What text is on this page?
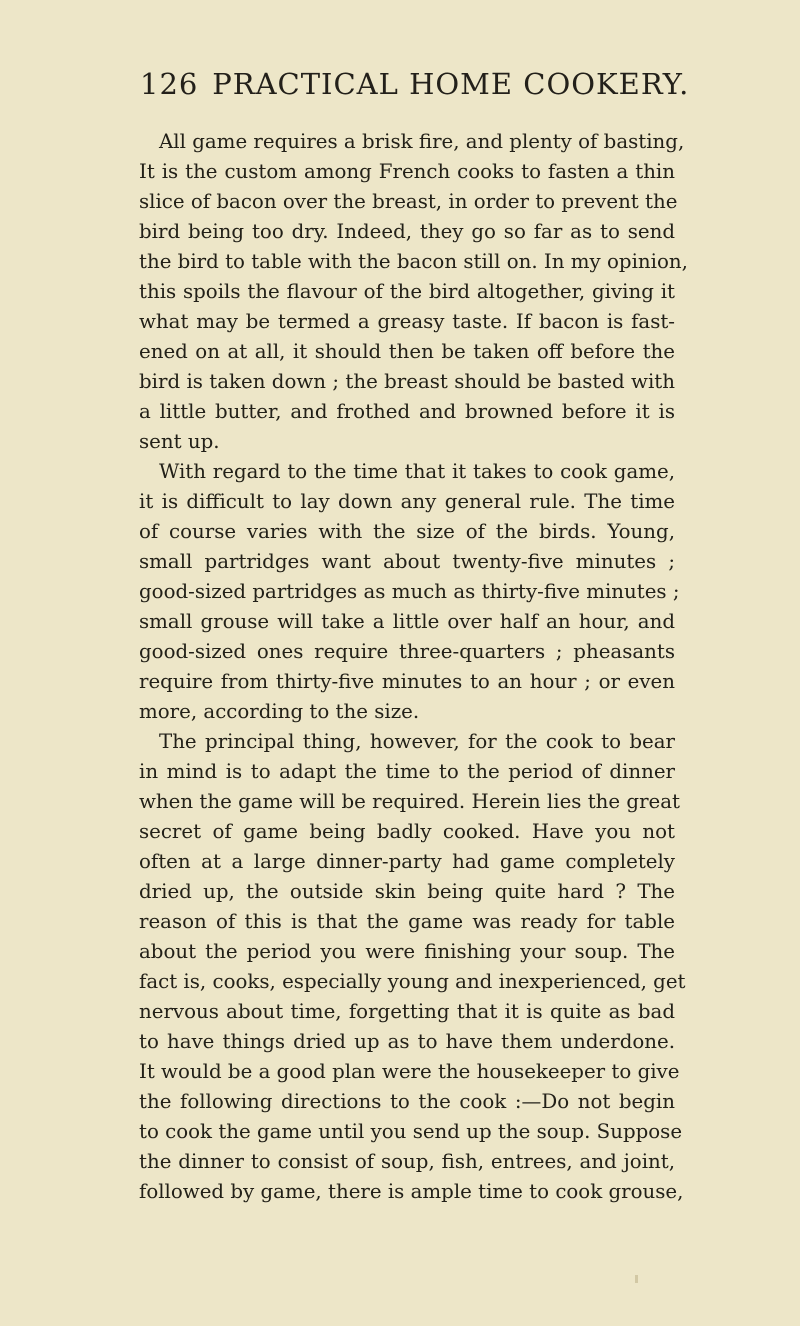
126 PRACTICAL HOME COOKERY.
All game requires a brisk fire, and plenty of basting,
It is the custom among French cooks to fasten a thin
slice of bacon over the breast, in order to prevent the
bird being too dry. Indeed, they go so far as to send
the bird to table with the bacon still on. In my opinion,
this spoils the flavour of the bird altogether, giving it
what may be termed a greasy taste. If bacon is fast-
ened on at all, it should then be taken off before the
bird is taken down ; the breast should be basted with
a little butter, and frothed and browned before it is
sent up.
With regard to the time that it takes to cook game,
it is difficult to lay down any general rule. The time
of course varies with the size of the birds. Young,
small partridges want about twenty-five minutes ;
good-sized partridges as much as thirty-five minutes ;
small grouse will take a little over half an hour, and
good-sized ones require three-quarters ; pheasants
require from thirty-five minutes to an hour ; or even
more, according to the size.
The principal thing, however, for the cook to bear
in mind is to adapt the time to the period of dinner
when the game will be required. Herein lies the great
secret of game being badly cooked. Have you not
often at a large dinner-party had game completely
dried up, the outside skin being quite hard ? The
reason of this is that the game was ready for table
about the period you were finishing your soup. The
fact is, cooks, especially young and inexperienced, get
nervous about time, forgetting that it is quite as bad
to have things dried up as to have them underdone.
It would be a good plan were the housekeeper to give
the following directions to the cook :—Do not begin
to cook the game until you send up the soup. Suppose
the dinner to consist of soup, fish, entrees, and joint,
followed by game, there is ample time to cook grouse,
